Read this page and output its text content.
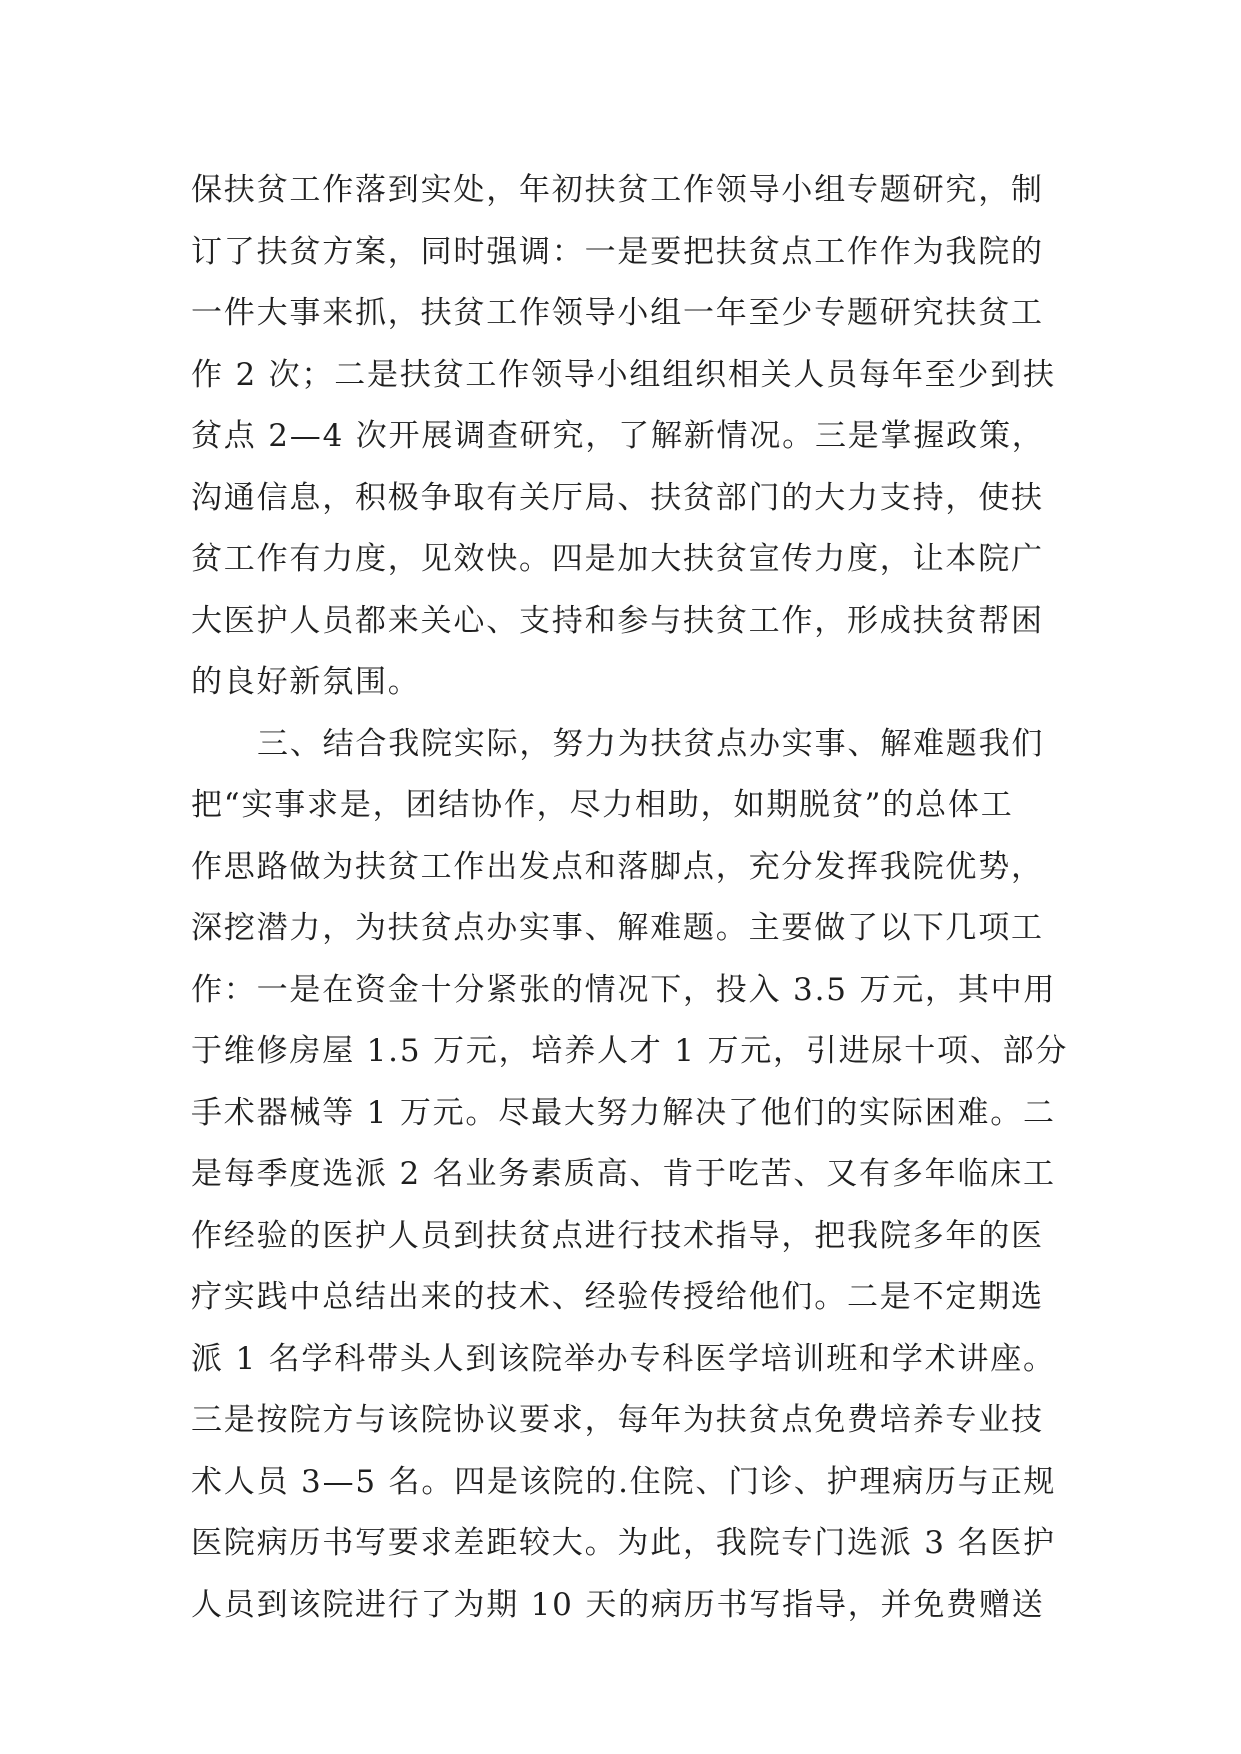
保扶贫工作落到实处，年初扶贫工作领导小组专题研究，制
订了扶贫方案，同时强调：一是要把扶贫点工作作为我院的
一件大事来抓，扶贫工作领导小组一年至少专题研究扶贫工
作 2 次；二是扶贫工作领导小组组织相关人员每年至少到扶
贫点 2—4 次开展调查研究，了解新情况。三是掌握政策，
沟通信息，积极争取有关厅局、扶贫部门的大力支持，使扶
贫工作有力度，见效快。四是加大扶贫宣传力度，让本院广
大医护人员都来关心、支持和参与扶贫工作，形成扶贫帮困
的良好新氛围。
三、结合我院实际，努力为扶贫点办实事、解难题我们
把“实事求是，团结协作，尽力相助，如期脱贫”的总体工
作思路做为扶贫工作出发点和落脚点，充分发挥我院优势，
深挖潜力，为扶贫点办实事、解难题。主要做了以下几项工
作：一是在资金十分紧张的情况下，投入 3.5 万元，其中用
于维修房屋 1.5 万元，培养人才 1 万元，引进尿十项、部分
手术器械等 1 万元。尽最大努力解决了他们的实际困难。二
是每季度选派 2 名业务素质高、肯于吃苦、又有多年临床工
作经验的医护人员到扶贫点进行技术指导，把我院多年的医
疗实践中总结出来的技术、经验传授给他们。二是不定期选
派 1 名学科带头人到该院举办专科医学培训班和学术讲座。
三是按院方与该院协议要求，每年为扶贫点免费培养专业技
术人员 3—5 名。四是该院的.住院、门诊、护理病历与正规
医院病历书写要求差距较大。为此，我院专门选派 3 名医护
人员到该院进行了为期 10 天的病历书写指导，并免费赠送
